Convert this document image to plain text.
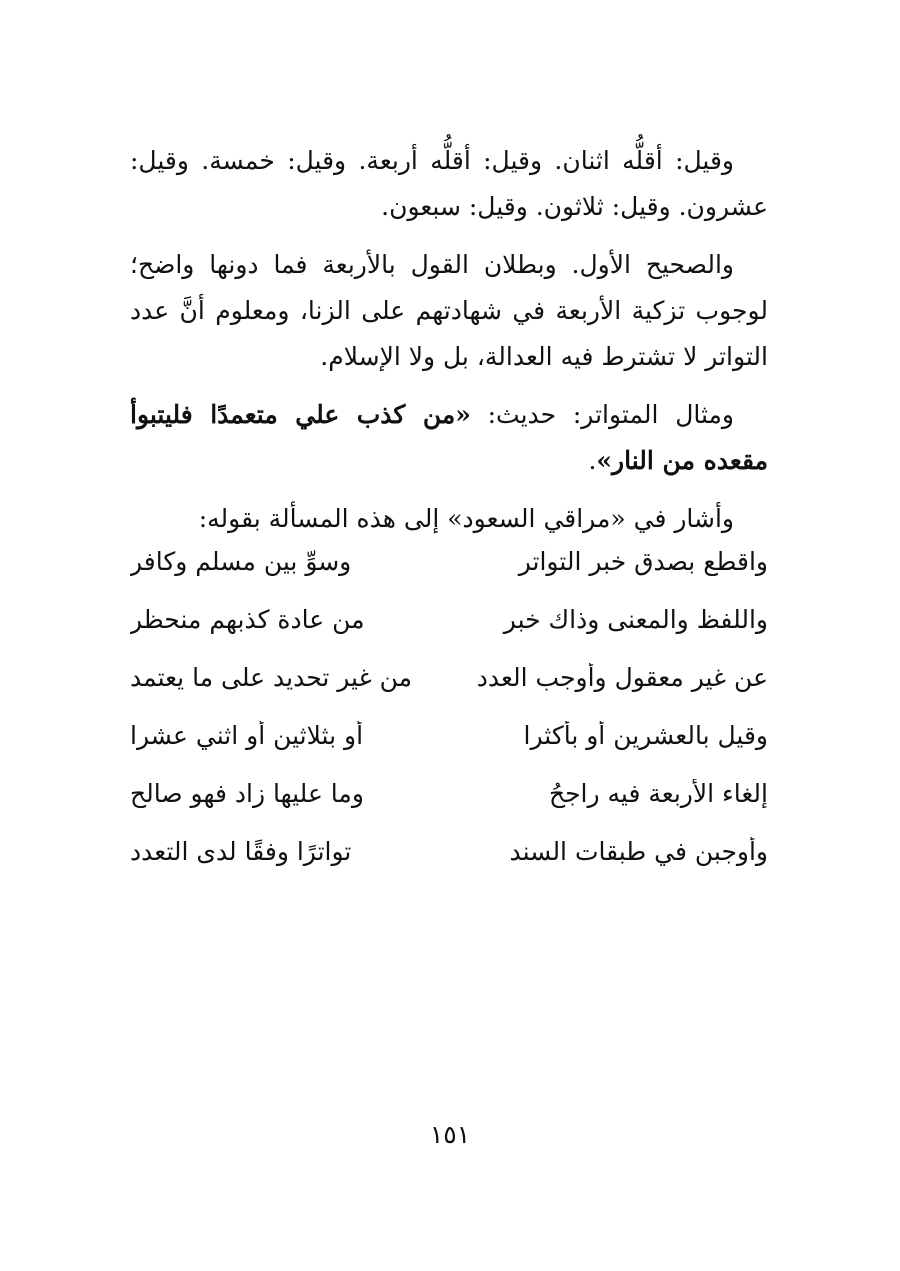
وقيل: أقلُّه اثنان. وقيل: أقلُّه أربعة. وقيل: خمسة. وقيل: عشرون. وقيل: ثلاثون. وقيل: سبعون.

والصحيح الأول. وبطلان القول بالأربعة فما دونها واضح؛ لوجوب تزكية الأربعة في شهادتهم على الزنا، ومعلوم أنَّ عدد التواتر لا تشترط فيه العدالة، بل ولا الإسلام.

ومثال المتواتر: حديث: «من كذب علي متعمدًا فليتبوأ مقعده من النار».

وأشار في «مراقي السعود» إلى هذه المسألة بقوله:

واقطع بصدق خبر التواتر
وسوِّ بين مسلم وكافر
واللفظ والمعنى وذاك خبر
من عادة كذبهم منحظر
عن غير معقول وأوجب العدد
من غير تحديد على ما يعتمد
وقيل بالعشرين أو بأكثرا
أو بثلاثين أو اثني عشرا
إلغاء الأربعة فيه راجحُ
وما عليها زاد فهو صالح
وأوجبن في طبقات السند
تواترًا وفقًا لدى التعدد
١٥١
